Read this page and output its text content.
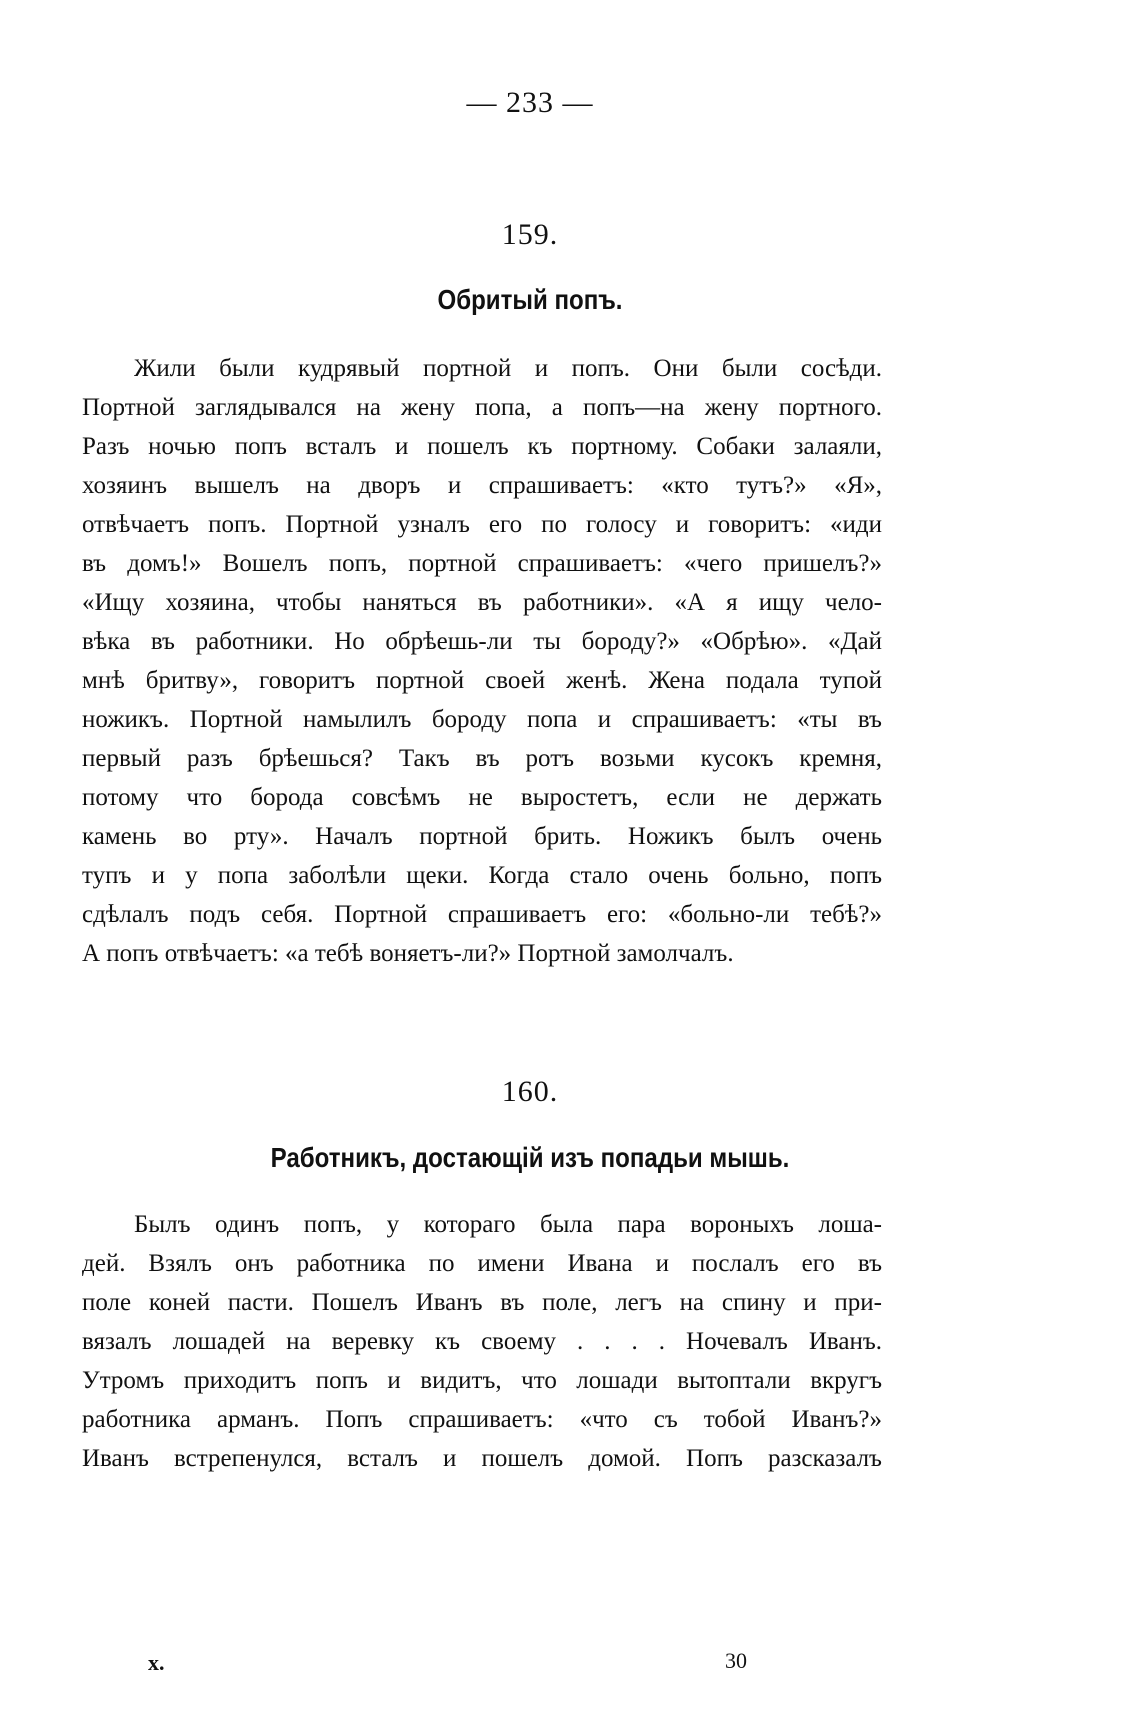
— 233 —
159.
Обритый попъ.
Жили были кудрявый портной и попъ. Они были сосѣди.
Портной заглядывался на жену попа, а попъ—на жену портного.
Разъ ночью попъ всталъ и пошелъ къ портному. Собаки залаяли,
хозяинъ вышелъ на дворъ и спрашиваетъ: «кто тутъ?» «Я»,
отвѣчаетъ попъ. Портной узналъ его по голосу и говоритъ: «иди
въ домъ!» Вошелъ попъ, портной спрашиваетъ: «чего пришелъ?»
«Ищу хозяина, чтобы наняться въ работники». «А я ищу чело-
вѣка въ работники. Но обрѣешь-ли ты бороду?» «Обрѣю». «Дай
мнѣ бритву», говоритъ портной своей женѣ. Жена подала тупой
ножикъ. Портной намылилъ бороду попа и спрашиваетъ: «ты въ
первый разъ брѣешься? Такъ въ ротъ возьми кусокъ кремня,
потому что борода совсѣмъ не выростетъ, если не держать
камень во рту». Началъ портной брить. Ножикъ былъ очень
тупъ и у попа заболѣли щеки. Когда стало очень больно, попъ
сдѣлалъ подъ себя. Портной спрашиваетъ его: «больно-ли тебѣ?»
А попъ отвѣчаетъ: «а тебѣ воняетъ-ли?» Портной замолчалъ.
160.
Работникъ, достающій изъ попадьи мышь.
Былъ одинъ попъ, у котораго была пара вороныхъ лошa-
дей. Взялъ онъ работника по имени Ивана и послалъ его въ
поле коней пасти. Пошелъ Иванъ въ поле, легъ на спину и при-
вязалъ лошадей на веревку къ своему . . . . Ночевалъ Иванъ.
Утромъ приходитъ попъ и видитъ, что лошади вытоптали вкругъ
работника арманъ. Попъ спрашиваетъ: «что съ тобой Иванъ?»
Иванъ встрепенулся, всталъ и пошелъ домой. Попъ разсказалъ
x.	30
